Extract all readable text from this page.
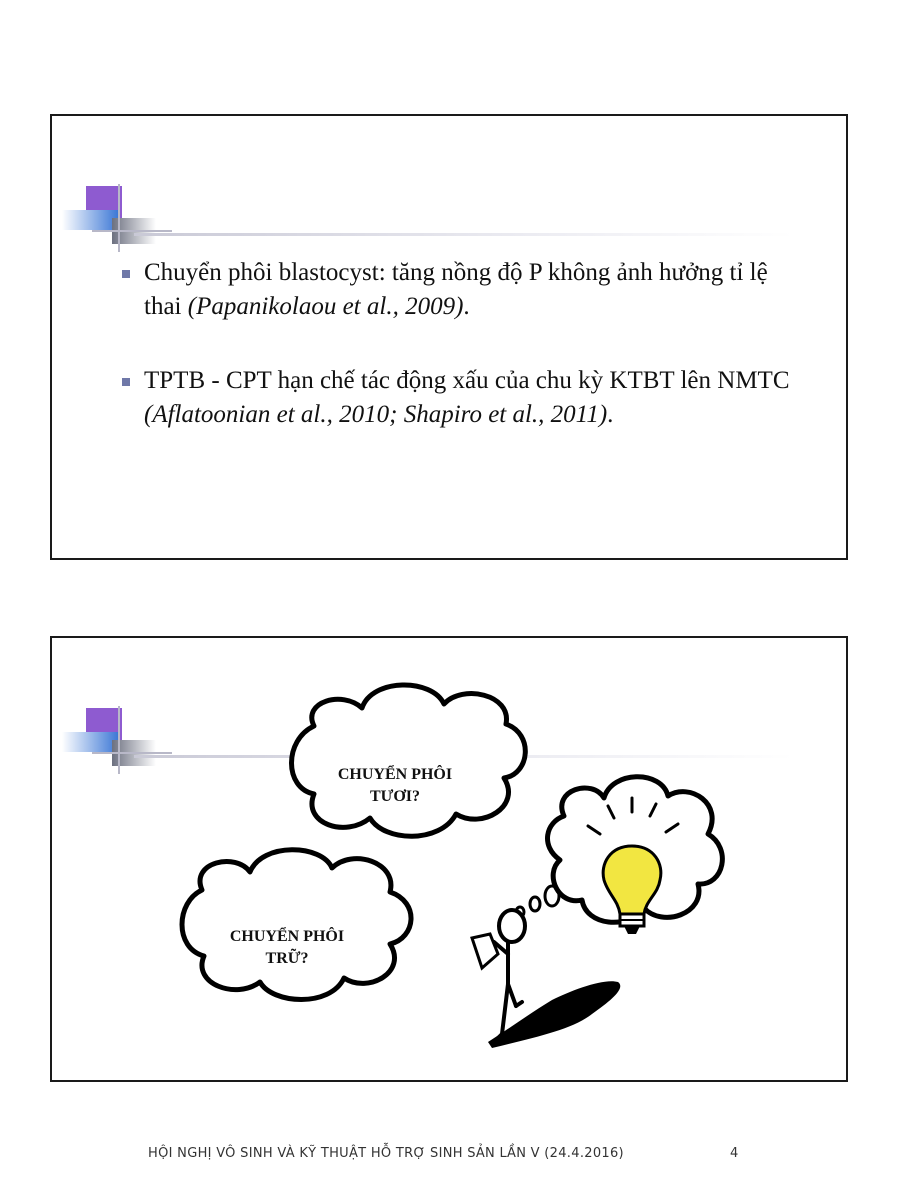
Chuyển phôi blastocyst: tăng nồng độ P không ảnh hưởng tỉ lệ thai (Papanikolaou et al., 2009).
TPTB - CPT hạn chế tác động xấu của chu kỳ KTBT lên NMTC (Aflatoonian et al., 2010; Shapiro et al., 2011).
CHUYỂN PHÔI
TƯƠI?
CHUYỂN PHÔI
TRỮ?
HỘI NGHỊ VÔ SINH VÀ KỸ THUẬT HỖ TRỢ SINH SẢN LẦN V (24.4.2016)	4
